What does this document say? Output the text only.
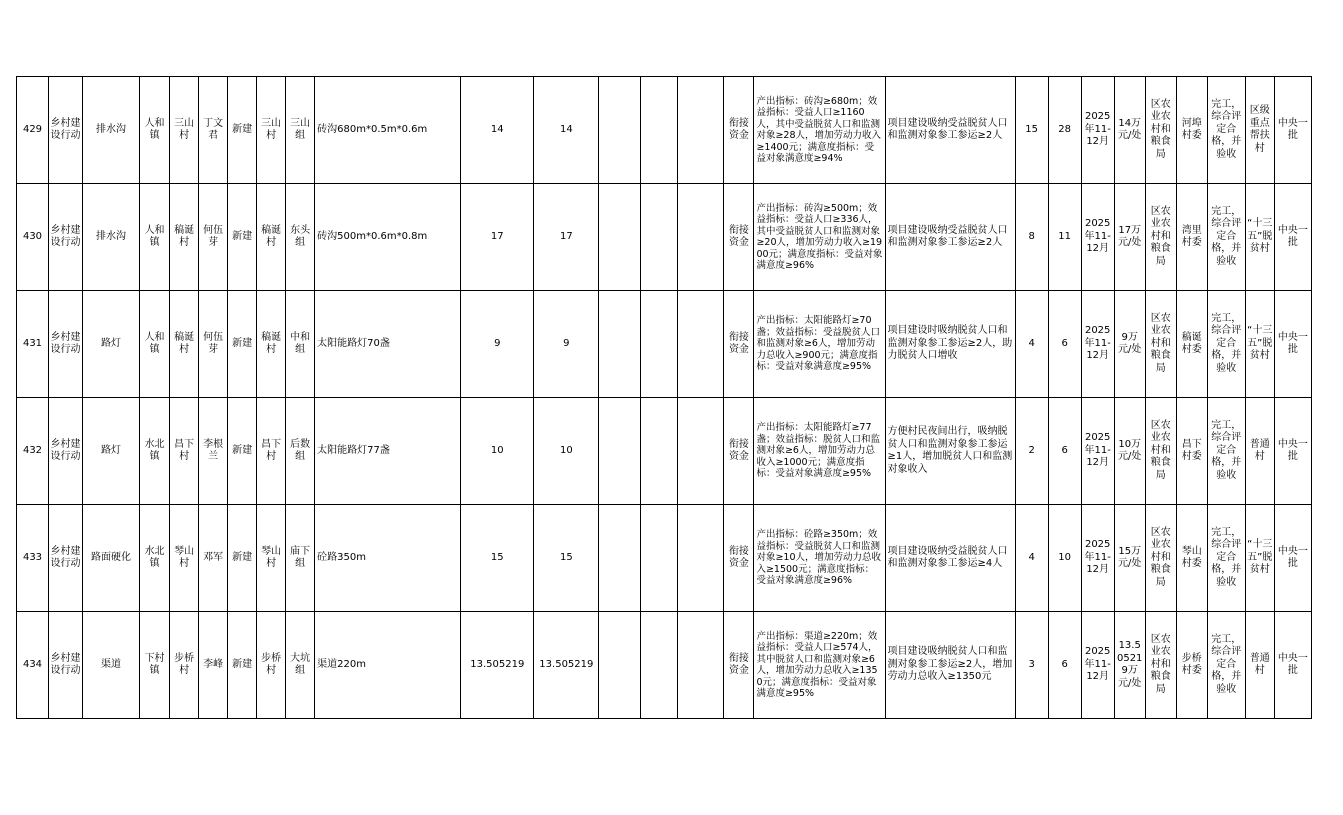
429	乡村建设行动	排水沟	人和镇	三山村	丁文君	新建	三山村	三山组	砖沟680m*0.5m*0.6m	14	14				衔接资金	产出指标：砖沟≥680m；效益指标：受益人口≥1160人，其中受益脱贫人口和监测对象≥28人，增加劳动力收入≥1400元；满意度指标：受益对象满意度≥94%	项目建设吸纳受益脱贫人口和监测对象参工参运≥2人	15	28	2025年11-12月	14万元/处	区农业农村和粮食局	河埠村委	完工，综合评定合格，并验收	区级重点帮扶村	中央一批
430	乡村建设行动	排水沟	人和镇	稿诞村	何伍芽	新建	稿诞村	东头组	砖沟500m*0.6m*0.8m	17	17				衔接资金	产出指标：砖沟≥500m；效益指标：受益人口≥336人，其中受益脱贫人口和监测对象≥20人，增加劳动力收入≥1900元；满意度指标：受益对象满意度≥96%	项目建设吸纳受益脱贫人口和监测对象参工参运≥2人	8	11	2025年11-12月	17万元/处	区农业农村和粮食局	湾里村委	完工，综合评定合格，并验收	“十三五”脱贫村	中央一批
431	乡村建设行动	路灯	人和镇	稿诞村	何伍芽	新建	稿诞村	中和组	太阳能路灯70盏	9	9				衔接资金	产出指标：太阳能路灯≥70盏；效益指标：受益脱贫人口和监测对象≥6人，增加劳动力总收入≥900元；满意度指标：受益对象满意度≥95%	项目建设时吸纳脱贫人口和监测对象参工参运≥2人，助力脱贫人口增收	4	6	2025年11-12月	9万元/处	区农业农村和粮食局	稿诞村委	完工，综合评定合格，并验收	“十三五”脱贫村	中央一批
432	乡村建设行动	路灯	水北镇	昌下村	李根兰	新建	昌下村	后数组	太阳能路灯77盏	10	10				衔接资金	产出指标：太阳能路灯≥77盏；效益指标：脱贫人口和监测对象≥6人，增加劳动力总收入≥1000元；满意度指标：受益对象满意度≥95%	方便村民夜间出行，吸纳脱贫人口和监测对象参工参运≥1人，增加脱贫人口和监测对象收入	2	6	2025年11-12月	10万元/处	区农业农村和粮食局	昌下村委	完工，综合评定合格，并验收	普通村	中央一批
433	乡村建设行动	路面硬化	水北镇	琴山村	邓军	新建	琴山村	庙下组	砼路350m	15	15				衔接资金	产出指标：砼路≥350m；效益指标：受益脱贫人口和监测对象≥10人，增加劳动力总收入≥1500元；满意度指标：受益对象满意度≥96%	项目建设吸纳受益脱贫人口和监测对象参工参运≥4人	4	10	2025年11-12月	15万元/处	区农业农村和粮食局	琴山村委	完工，综合评定合格，并验收	“十三五”脱贫村	中央一批
434	乡村建设行动	渠道	下村镇	步桥村	李峰	新建	步桥村	大坑组	渠道220m	13.505219	13.505219				衔接资金	产出指标：渠道≥220m；效益指标：受益人口≥574人，其中脱贫人口和监测对象≥6人，增加劳动力总收入≥1350元；满意度指标：受益对象满意度≥95%	项目建设吸纳脱贫人口和监测对象参工参运≥2人，增加劳动力总收入≥1350元	3	6	2025年11-12月	13.50521 9万元/处	区农业农村和粮食局	步桥村委	完工，综合评定合格，并验收	普通村	中央一批
